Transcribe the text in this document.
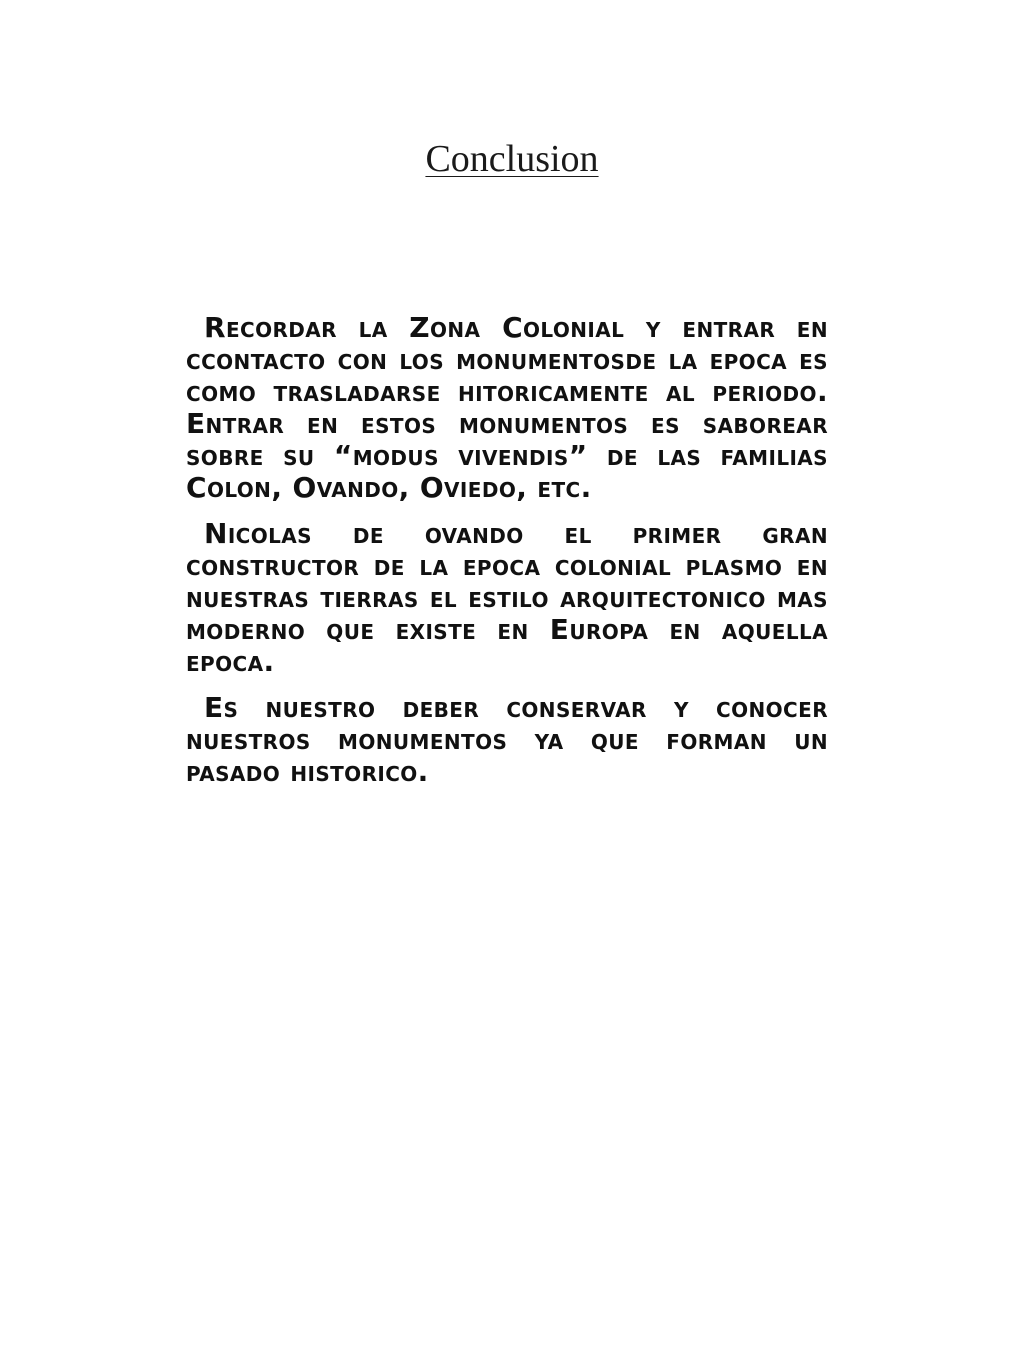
Conclusion

Recordar la Zona Colonial y entrar en ccontacto con los monumentosde la epoca es como trasladarse hitoricamente al periodo. Entrar en estos monumentos es saborear sobre su “modus vivendis” de las familias Colon, Ovando, Oviedo, etc.

Nicolas de ovando el primer gran constructor de la epoca colonial plasmo en nuestras tierras el estilo arquitectonico mas moderno que existe en Europa en aquella epoca.

Es nuestro deber conservar y conocer nuestros monumentos ya que forman un pasado historico.
